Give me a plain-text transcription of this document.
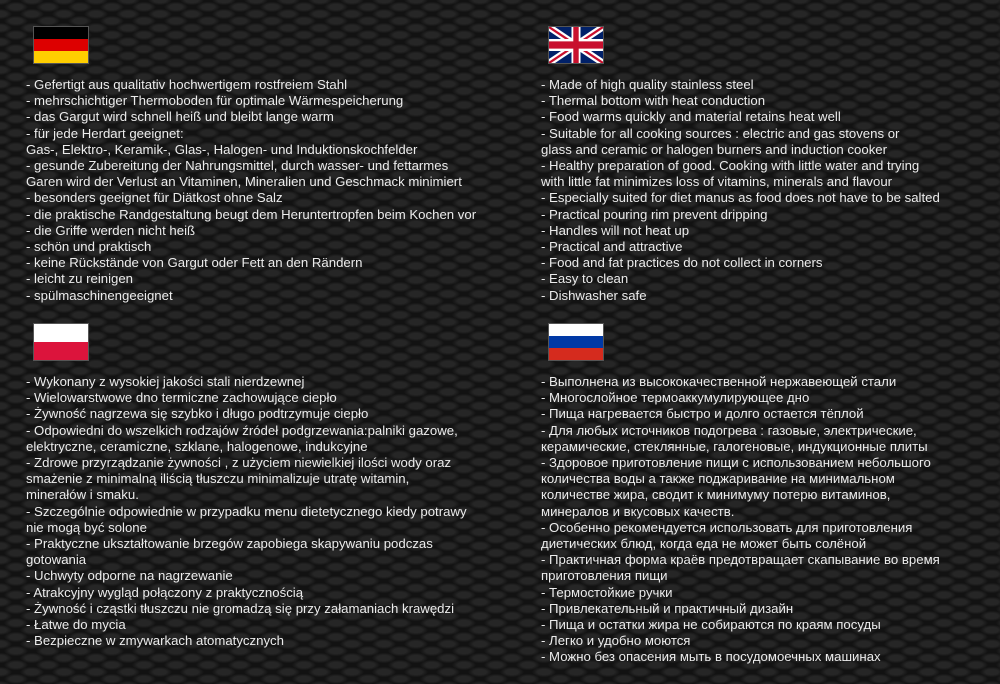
- Gefertigt aus qualitativ hochwertigem rostfreiem Stahl
- mehrschichtiger Thermoboden für optimale Wärmespeicherung
- das Gargut wird schnell heiß und bleibt lange warm
- für jede Herdart geeignet:
Gas-, Elektro-, Keramik-, Glas-, Halogen- und Induktionskochfelder
- gesunde Zubereitung der Nahrungsmittel, durch wasser- und fettarmes
Garen wird der Verlust an Vitaminen, Mineralien und Geschmack minimiert
- besonders geeignet für Diätkost ohne Salz
- die praktische Randgestaltung beugt dem Heruntertropfen beim Kochen vor
- die Griffe werden nicht heiß
- schön und praktisch
- keine Rückstände von Gargut oder Fett an den Rändern
- leicht zu reinigen
- spülmaschinengeeignet
- Made of high quality stainless steel
- Thermal bottom with heat conduction
- Food warms quickly and material retains heat well
- Suitable for all cooking sources : electric and gas stovens or
glass and ceramic or halogen burners and induction cooker
- Healthy preparation of good. Cooking with little water and trying
with little fat minimizes loss of vitamins, minerals and flavour
- Especially suited for diet manus as food does not have to be salted
- Practical pouring rim prevent dripping
- Handles will not heat up
- Practical and attractive
- Food and fat practices do not collect in corners
- Easy to clean
- Dishwasher safe
- Wykonany z wysokiej jakości stali nierdzewnej
- Wielowarstwowe dno termiczne zachowujące ciepło
- Żywność nagrzewa się szybko i długo podtrzymuje ciepło
- Odpowiedni do wszelkich rodzajów źródeł podgrzewania:palniki gazowe,
elektryczne, ceramiczne, szklane, halogenowe, indukcyjne
- Zdrowe przyrządzanie żywności , z użyciem niewielkiej ilości wody oraz
smażenie z minimalną iliścią tłuszczu minimalizuje utratę witamin,
minerałów i smaku.
- Szczególnie odpowiednie w przypadku menu dietetycznego kiedy potrawy
nie mogą być solone
- Praktyczne ukształtowanie brzegów zapobiega skapywaniu podczas
gotowania
- Uchwyty odporne na nagrzewanie
- Atrakcyjny wygląd połączony z praktycznością
- Żywność i cząstki tłuszczu nie gromadzą się przy załamaniach krawędzi
- Łatwe do mycia
- Bezpieczne w zmywarkach atomatycznych
- Выполнена из высококачественной нержавеющей стали
- Многослойное термоаккумулирующее дно
- Пища нагревается быстро и долго остается тёплой
- Для любых источников подогрева : газовые, электрические,
керамические, стеклянные, галогеновые, индукционные плиты
- Здоровое приготовление пищи с использованием небольшого
количества воды а также поджаривание на минимальном
количестве жира, сводит к минимуму потерю витаминов,
минералов и вкусовых качеств.
- Особенно рекомендуется использовать для приготовления
диетических блюд, когда еда не может быть солёной
- Практичная форма краёв предотвращает скапывание во время
приготовления пищи
- Термостойкие ручки
- Привлекательный и практичный дизайн
- Пища и остатки жира не собираются по краям посуды
- Легко и удобно моются
- Можно без опасения мыть в посудомоечных машинах
